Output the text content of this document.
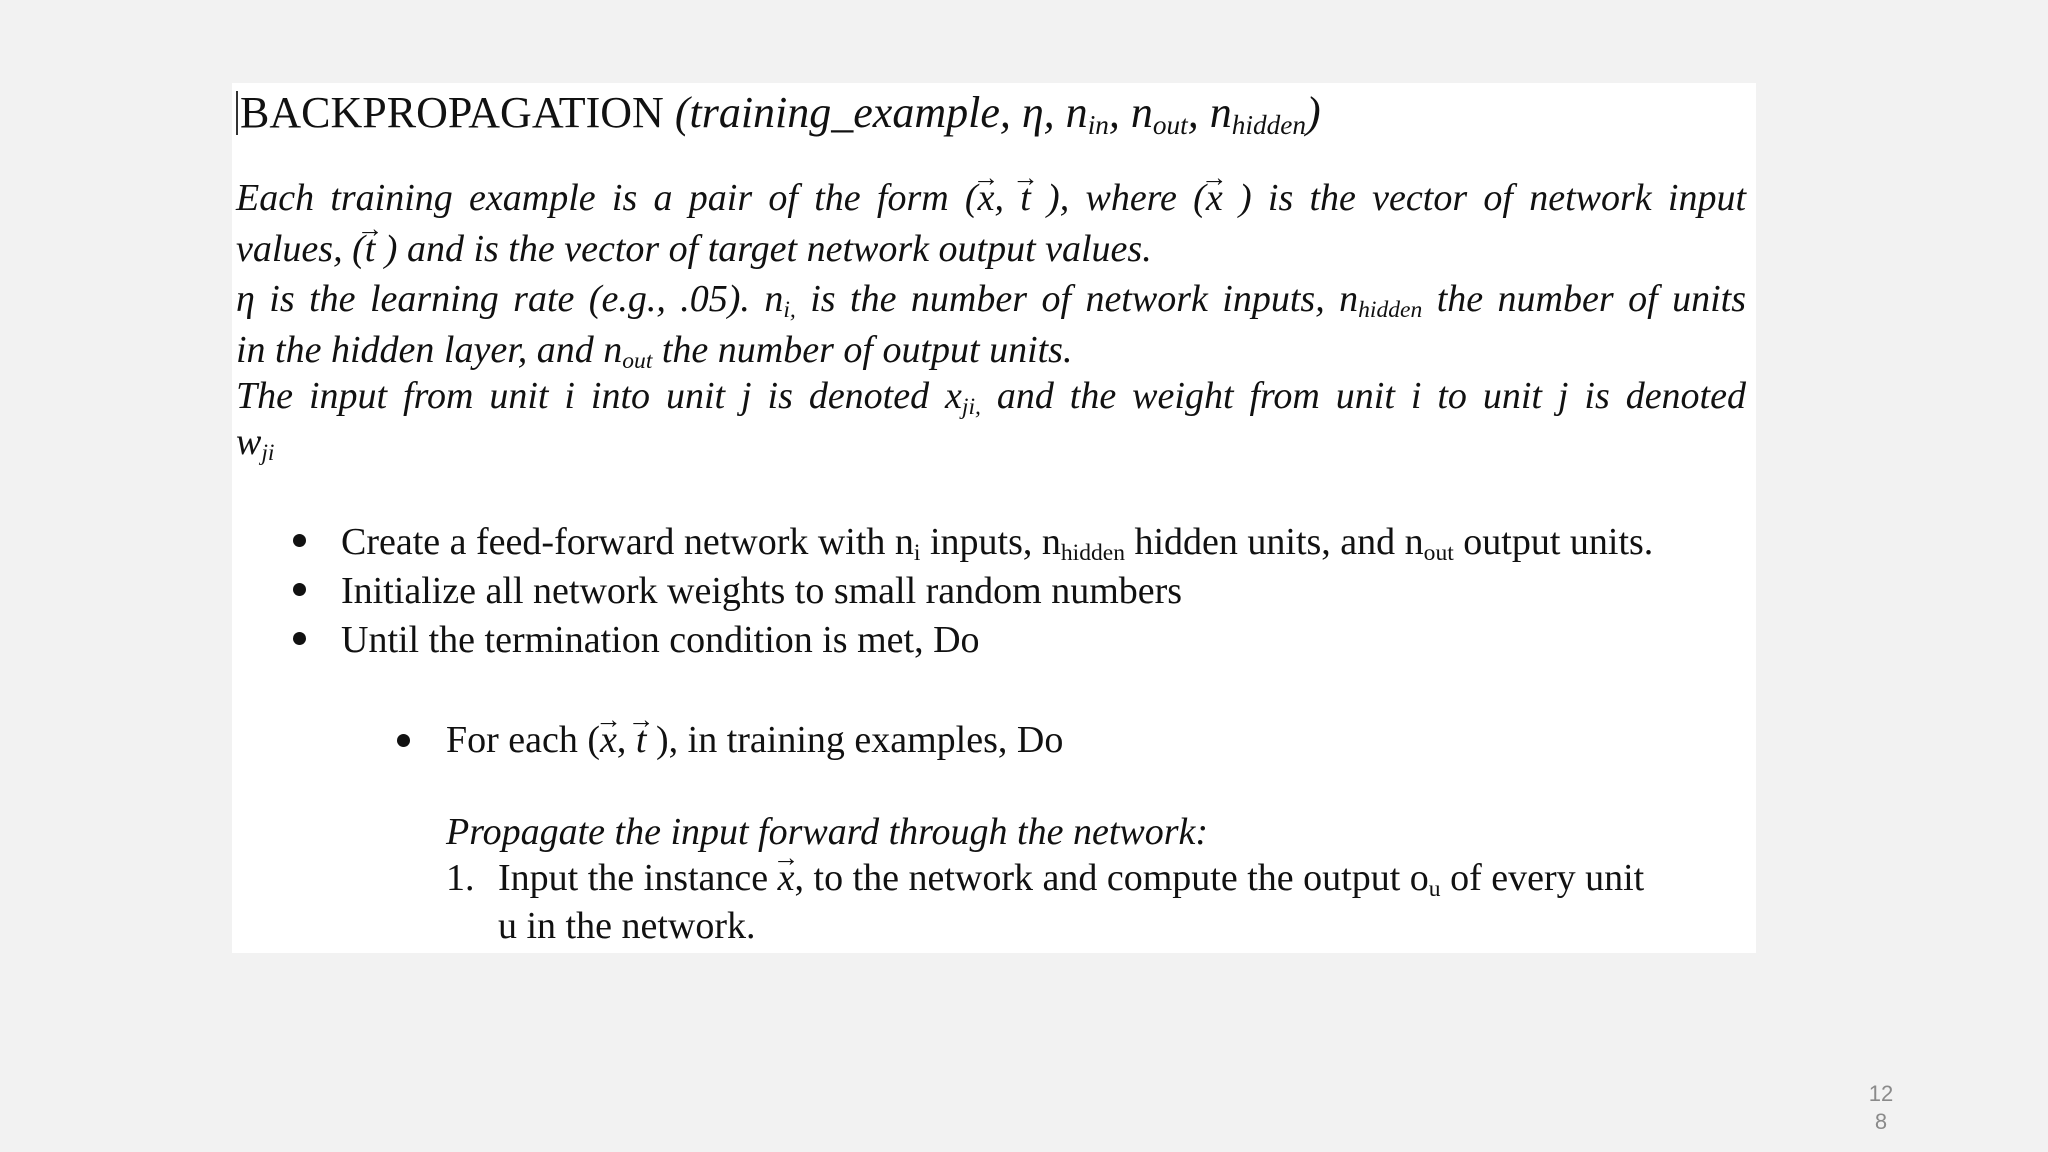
BACKPROPAGATION (training_example, η, $n_{in}$, $n_{out}$, $n_{hidden}$)
Each training example is a pair of the form (→ x, → t ), where (→ x ) is the vector of network input
values, (→ t ) and is the vector of target network output values.
η is the learning rate (e.g., .05). $n_{i,}$ is the number of network inputs, $n_{hidden}$ the number of units
in the hidden layer, and $n_{out}$ the number of output units.
The input from unit i into unit j is denoted $x_{ji,}$ and the weight from unit i to unit j is denoted
$w_{ji}$
Create a feed-forward network with $n_i$ inputs, $n_{hidden}$ hidden units, and $n_{out}$ output units.
Initialize all network weights to small random numbers
Until the termination condition is met, Do
For each (→ x, → t ), in training examples, Do
Propagate the input forward through the network:
1. Input the instance → x, to the network and compute the output $o_u$ of every unit
u in the network.
128
